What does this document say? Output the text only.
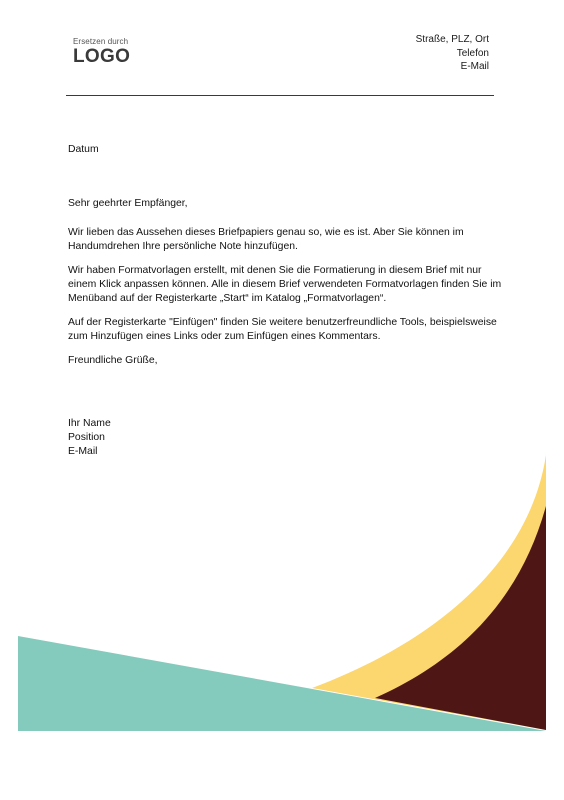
Ersetzen durch
LOGO
Straße, PLZ, Ort
Telefon
E-Mail

Datum

Sehr geehrter Empfänger,

Wir lieben das Aussehen dieses Briefpapiers genau so, wie es ist. Aber Sie können im Handumdrehen Ihre persönliche Note hinzufügen.

Wir haben Formatvorlagen erstellt, mit denen Sie die Formatierung in diesem Brief mit nur einem Klick anpassen können. Alle in diesem Brief verwendeten Formatvorlagen finden Sie im Menüband auf der Registerkarte „Start“ im Katalog „Formatvorlagen“.

Auf der Registerkarte "Einfügen" finden Sie weitere benutzerfreundliche Tools, beispielsweise zum Hinzufügen eines Links oder zum Einfügen eines Kommentars.

Freundliche Grüße,

Ihr Name
Position
E-Mail
